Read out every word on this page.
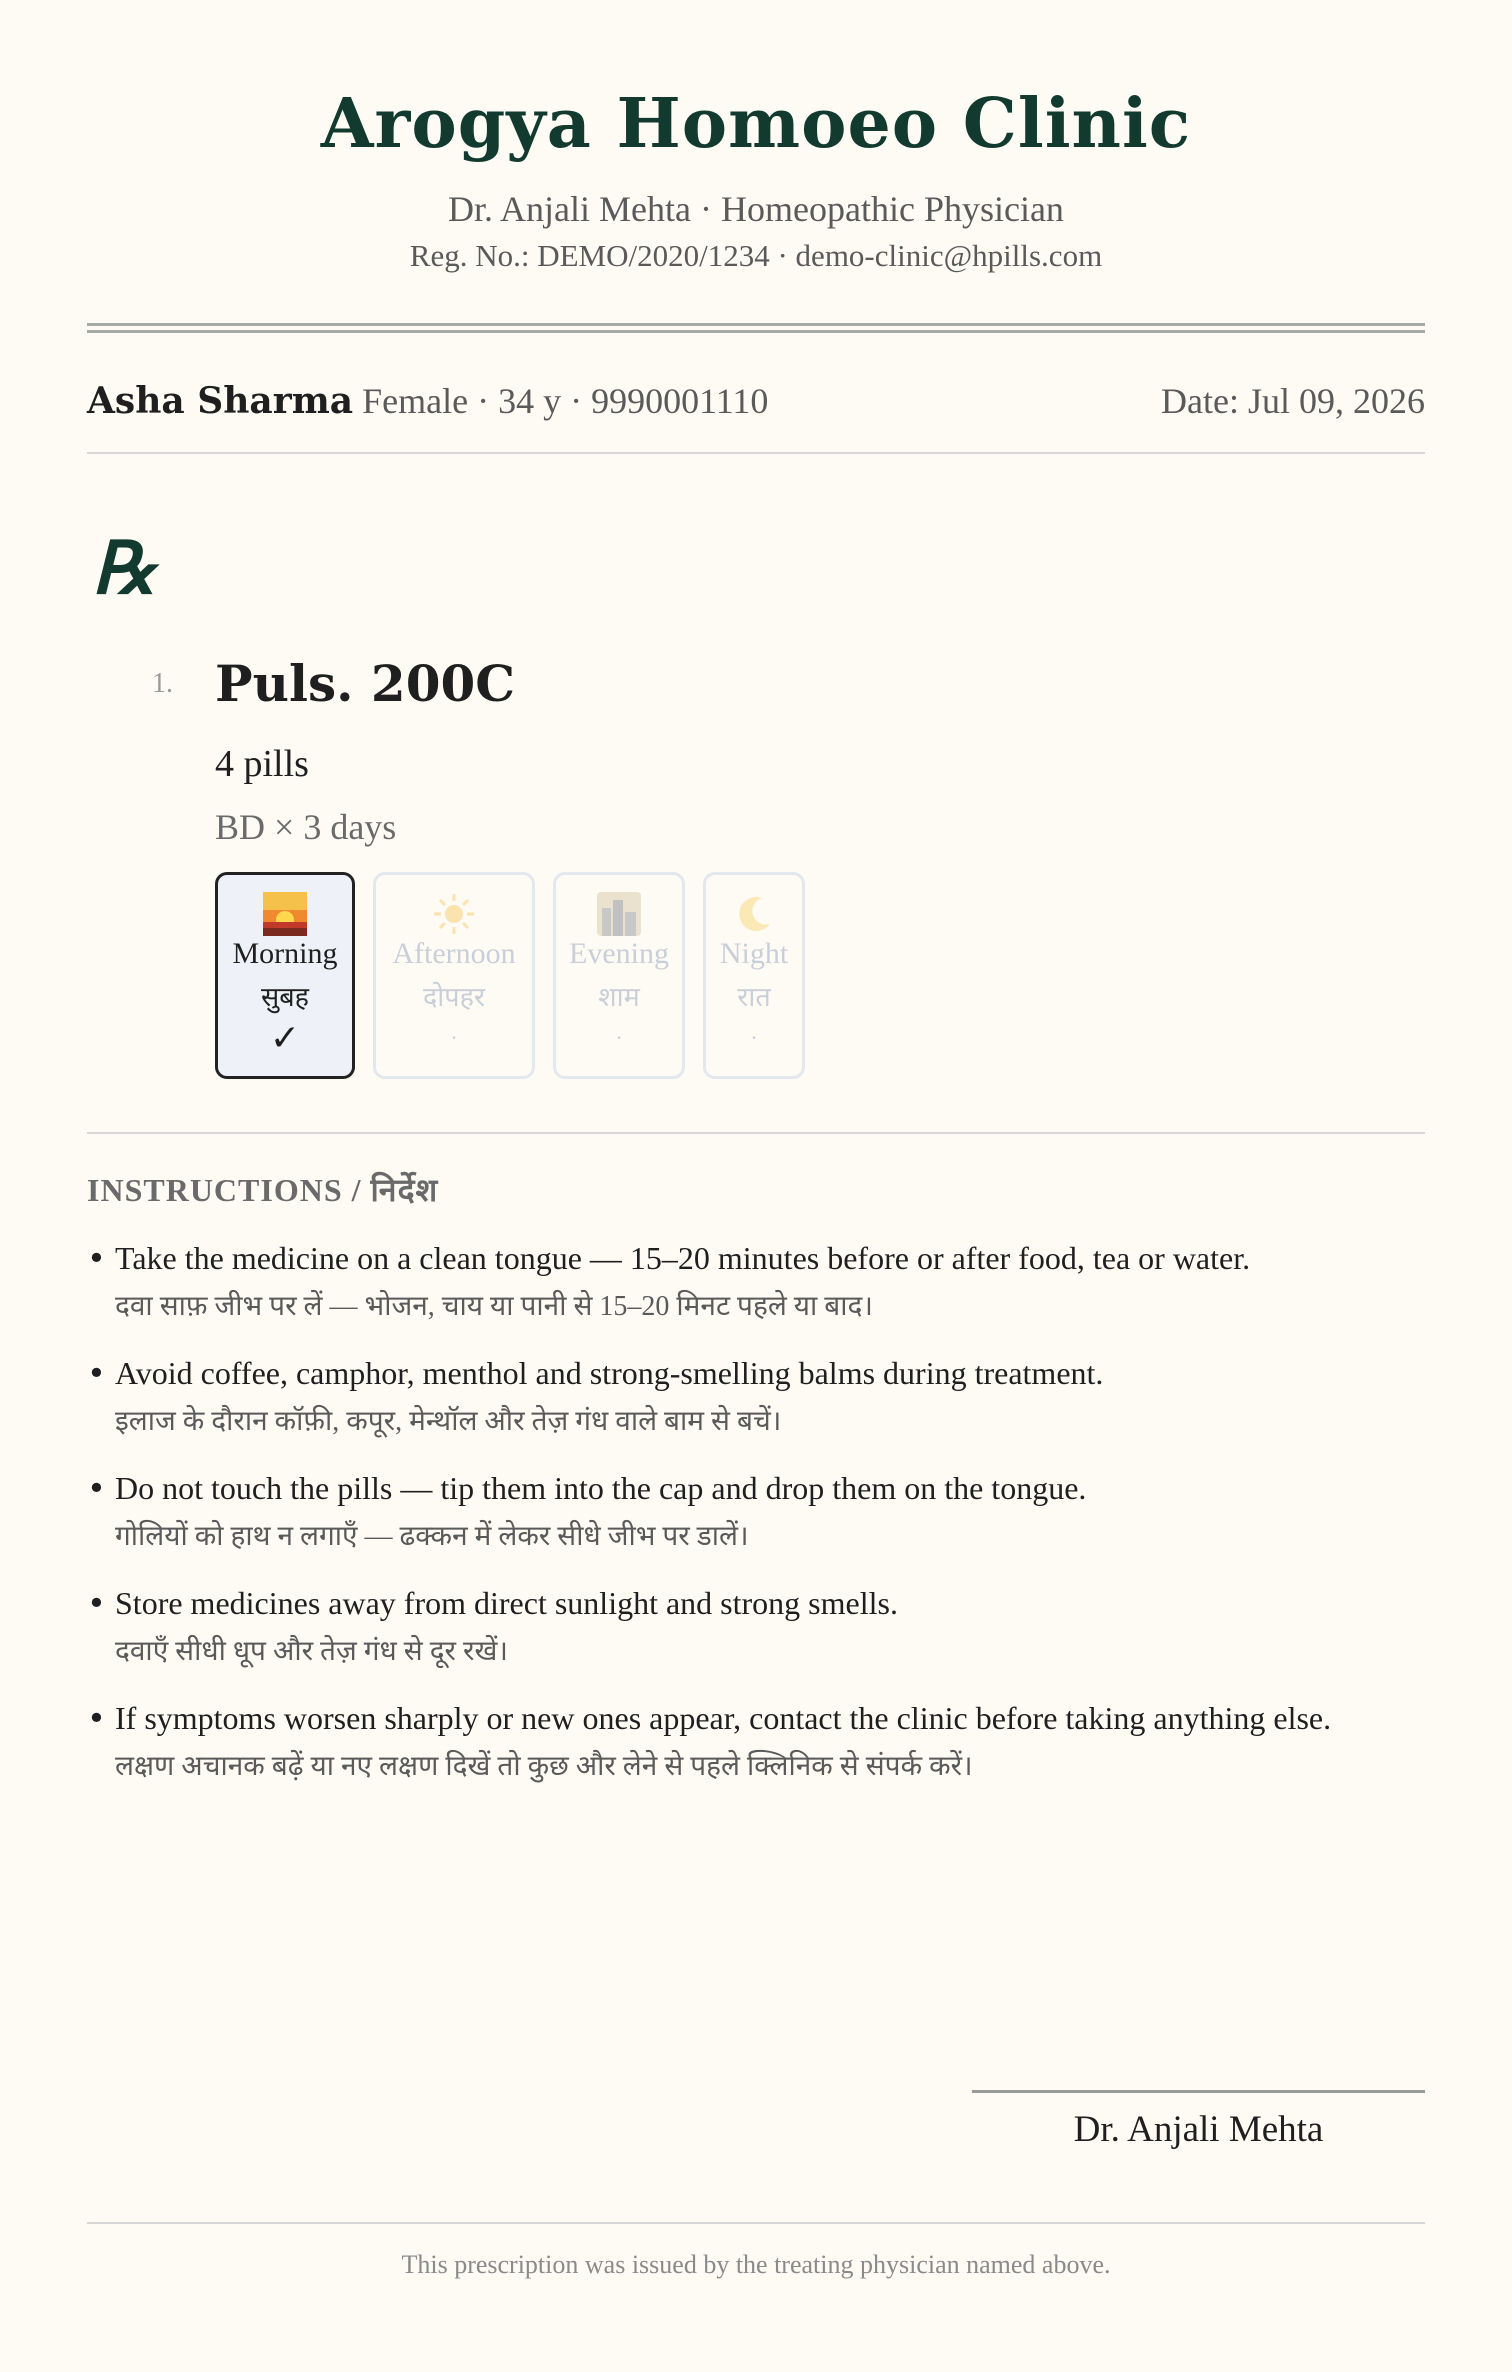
Arogya Homoeo Clinic
Dr. Anjali Mehta · Homeopathic Physician
Reg. No.: DEMO/2020/1234 · demo-clinic@hpills.com
Asha Sharma Female · 34 y · 9990001110	Date: Jul 09, 2026
℞
1. Puls. 200C
4 pills
BD × 3 days
Morning
सुबह
✓
Afternoon
दोपहर
·
Evening
शाम
·
Night
रात
·
INSTRUCTIONS / निर्देश
• Take the medicine on a clean tongue — 15–20 minutes before or after food, tea or water.
दवा साफ़ जीभ पर लें — भोजन, चाय या पानी से 15–20 मिनट पहले या बाद।
• Avoid coffee, camphor, menthol and strong-smelling balms during treatment.
इलाज के दौरान कॉफ़ी, कपूर, मेन्थॉल और तेज़ गंध वाले बाम से बचें।
• Do not touch the pills — tip them into the cap and drop them on the tongue.
गोलियों को हाथ न लगाएँ — ढक्कन में लेकर सीधे जीभ पर डालें।
• Store medicines away from direct sunlight and strong smells.
दवाएँ सीधी धूप और तेज़ गंध से दूर रखें।
• If symptoms worsen sharply or new ones appear, contact the clinic before taking anything else.
लक्षण अचानक बढ़ें या नए लक्षण दिखें तो कुछ और लेने से पहले क्लिनिक से संपर्क करें।
Dr. Anjali Mehta
This prescription was issued by the treating physician named above.
